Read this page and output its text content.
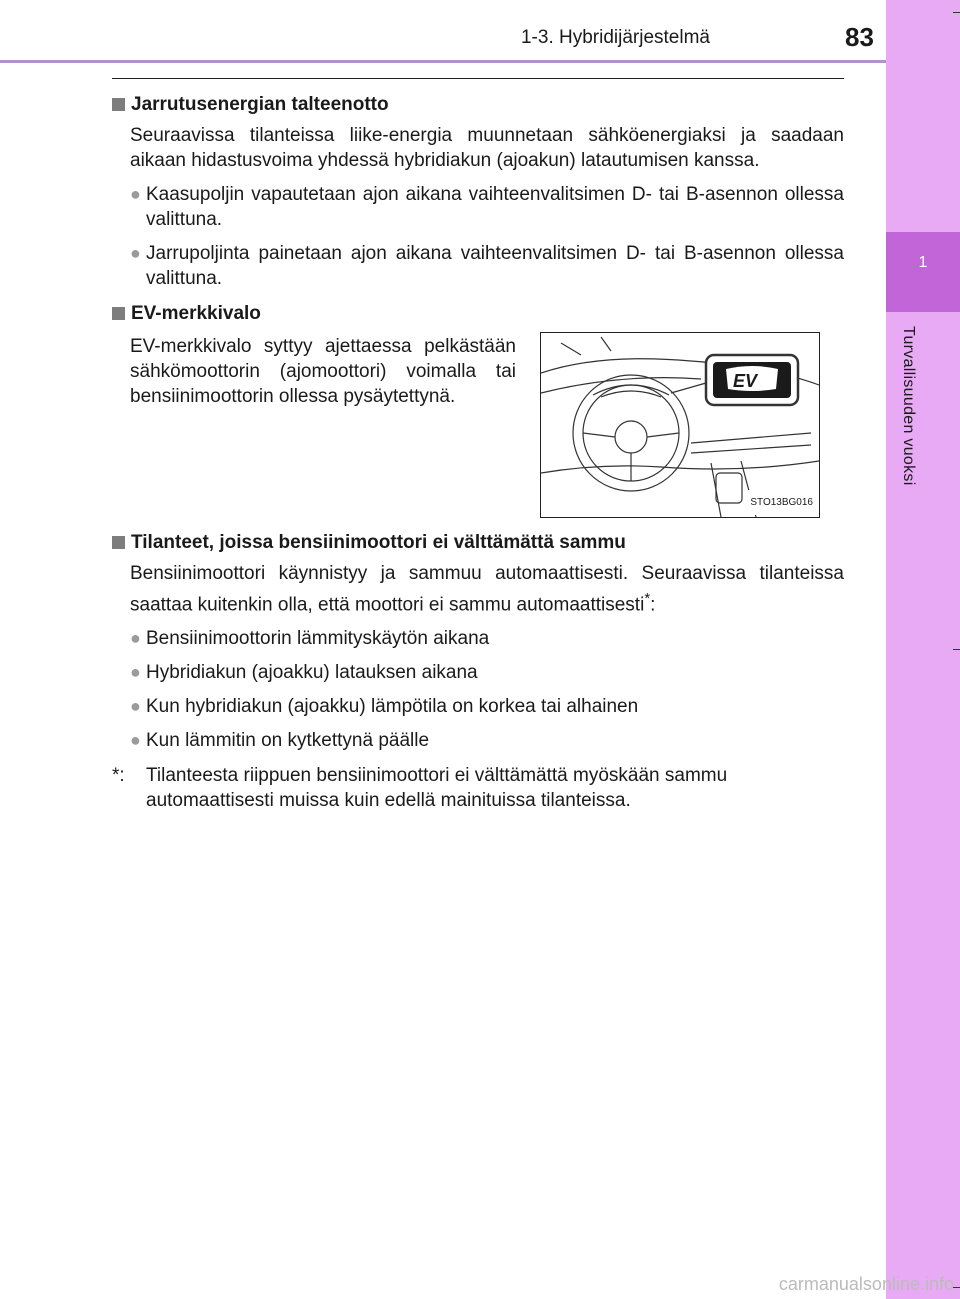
1-3. Hybridijärjestelmä	83
1
Turvallisuuden vuoksi
Jarrutusenergian talteenotto
Seuraavissa tilanteissa liike-energia muunnetaan sähköenergiaksi ja saadaan aikaan hidastusvoima yhdessä hybridiakun (ajoakun) latautumisen kanssa.
● Kaasupoljin vapautetaan ajon aikana vaihteenvalitsimen D- tai B-asennon ollessa valittuna.
● Jarrupoljinta painetaan ajon aikana vaihteenvalitsimen D- tai B-asennon ollessa valittuna.
EV-merkkivalo
EV-merkkivalo syttyy ajettaessa pelkästään sähkömoottorin (ajomoottori) voimalla tai bensiinimoottorin ollessa pysäytettynä.
EV
STO13BG016
Tilanteet, joissa bensiinimoottori ei välttämättä sammu
Bensiinimoottori käynnistyy ja sammuu automaattisesti. Seuraavissa tilanteissa saattaa kuitenkin olla, että moottori ei sammu automaattisesti*:
● Bensiinimoottorin lämmityskäytön aikana
● Hybridiakun (ajoakku) latauksen aikana
● Kun hybridiakun (ajoakku) lämpötila on korkea tai alhainen
● Kun lämmitin on kytkettynä päälle
*:	Tilanteesta riippuen bensiinimoottori ei välttämättä myöskään sammu automaattisesti muissa kuin edellä mainituissa tilanteissa.
carmanualsonline.info
